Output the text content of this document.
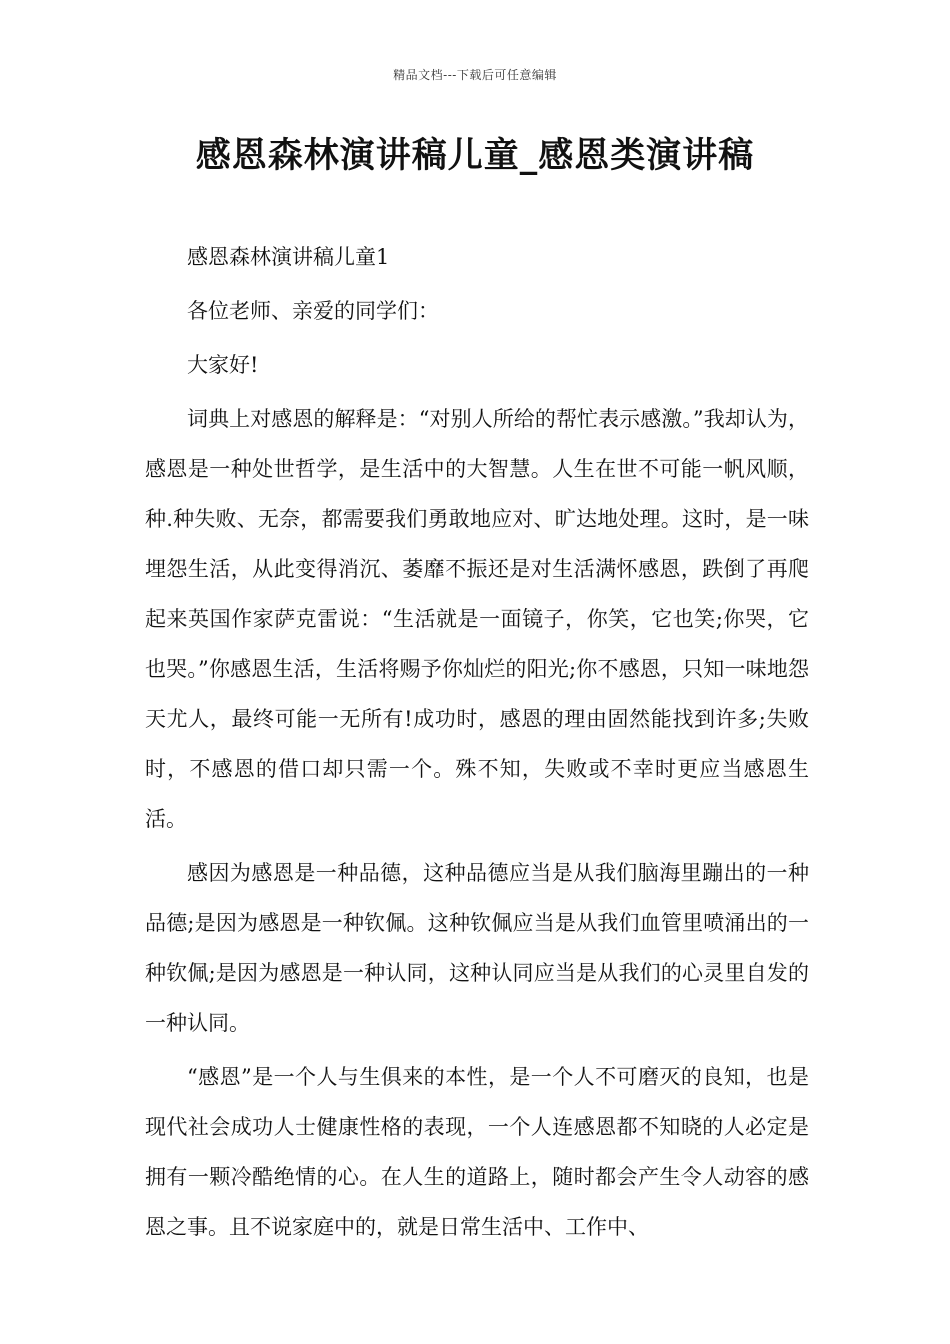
精品文档---下载后可任意编辑
感恩森林演讲稿儿童_感恩类演讲稿

感恩森林演讲稿儿童1

各位老师、亲爱的同学们：

大家好!

词典上对感恩的解释是：“对别人所给的帮忙表示感激。”我却认为，感恩是一种处世哲学，是生活中的大智慧。人生在世不可能一帆风顺，种.种失败、无奈，都需要我们勇敢地应对、旷达地处理。这时，是一味埋怨生活，从此变得消沉、萎靡不振还是对生活满怀感恩，跌倒了再爬起来英国作家萨克雷说：“生活就是一面镜子，你笑，它也笑;你哭，它也哭。”你感恩生活，生活将赐予你灿烂的阳光;你不感恩，只知一味地怨天尤人，最终可能一无所有!成功时，感恩的理由固然能找到许多;失败时，不感恩的借口却只需一个。殊不知，失败或不幸时更应当感恩生活。

感因为感恩是一种品德，这种品德应当是从我们脑海里蹦出的一种品德;是因为感恩是一种钦佩。这种钦佩应当是从我们血管里喷涌出的一种钦佩;是因为感恩是一种认同，这种认同应当是从我们的心灵里自发的一种认同。

“感恩”是一个人与生俱来的本性，是一个人不可磨灭的良知，也是现代社会成功人士健康性格的表现，一个人连感恩都不知晓的人必定是拥有一颗冷酷绝情的心。在人生的道路上，随时都会产生令人动容的感恩之事。且不说家庭中的，就是日常生活中、工作中、
